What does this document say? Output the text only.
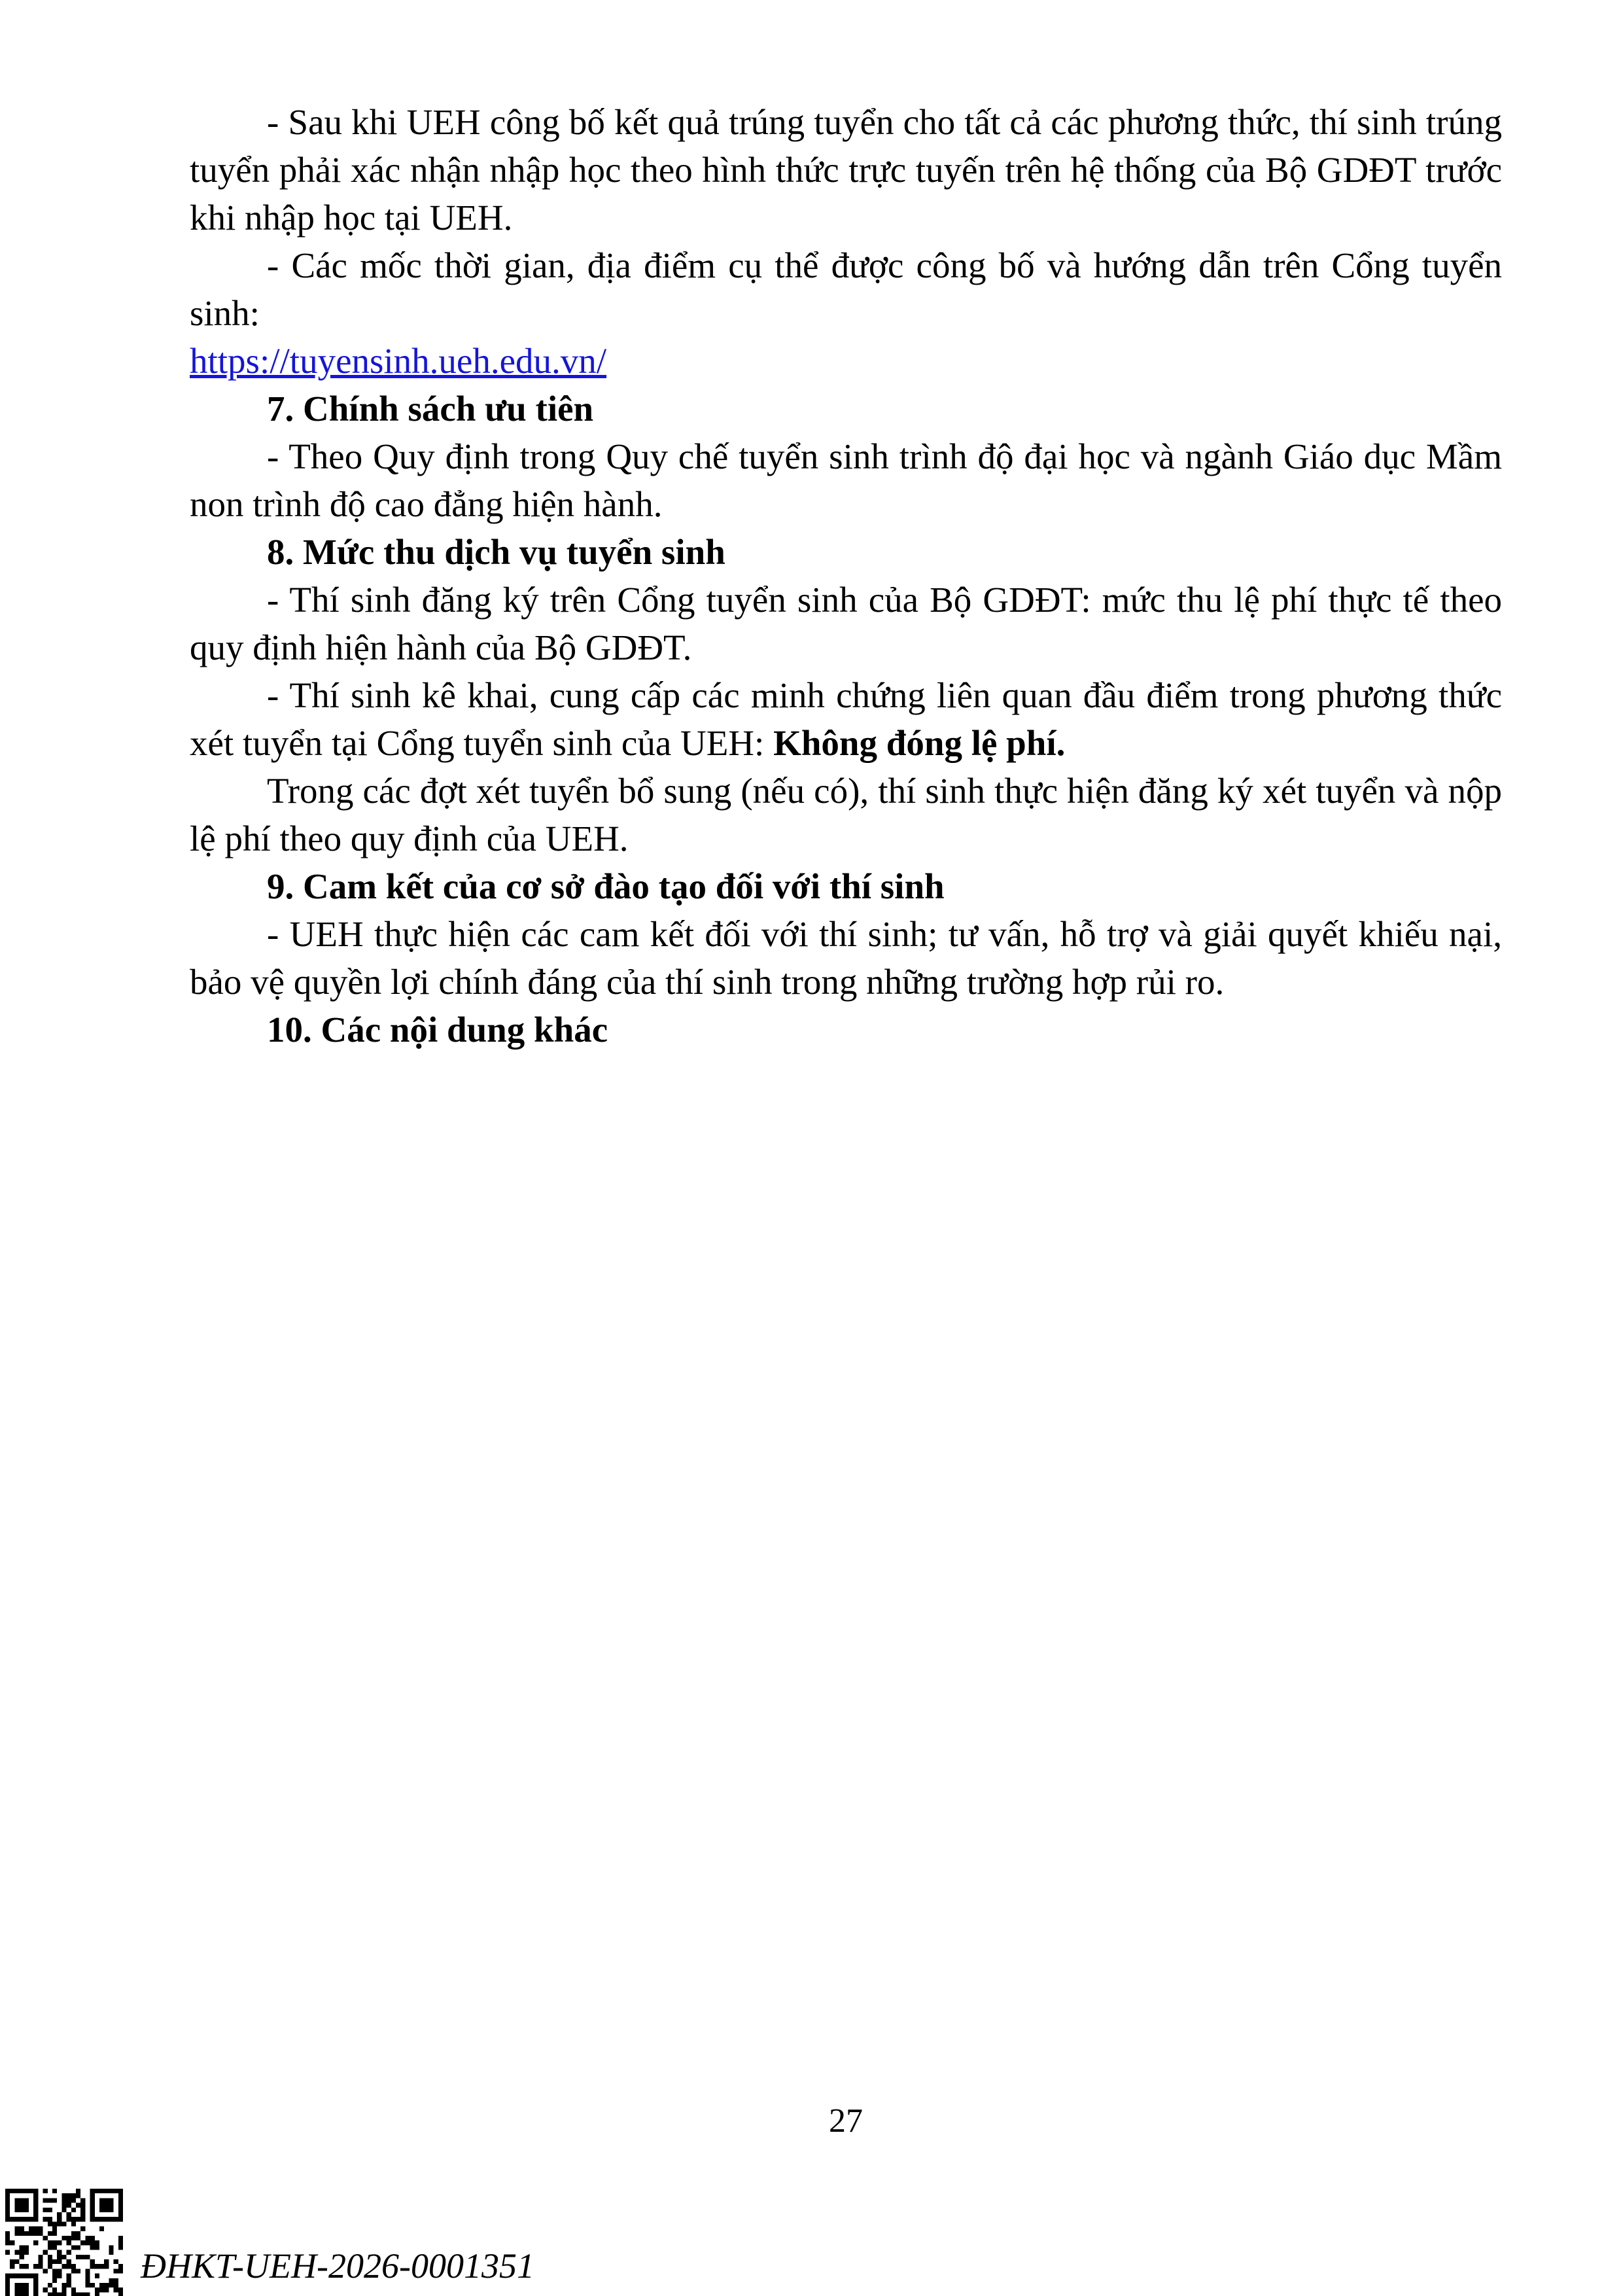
- Sau khi UEH công bố kết quả trúng tuyển cho tất cả các phương thức, thí sinh trúng tuyển phải xác nhận nhập học theo hình thức trực tuyến trên hệ thống của Bộ GDĐT trước khi nhập học tại UEH.

- Các mốc thời gian, địa điểm cụ thể được công bố và hướng dẫn trên Cổng tuyển sinh:

https://tuyensinh.ueh.edu.vn/

7. Chính sách ưu tiên

- Theo Quy định trong Quy chế tuyển sinh trình độ đại học và ngành Giáo dục Mầm non trình độ cao đẳng hiện hành.

8. Mức thu dịch vụ tuyển sinh

- Thí sinh đăng ký trên Cổng tuyển sinh của Bộ GDĐT: mức thu lệ phí thực tế theo quy định hiện hành của Bộ GDĐT.

- Thí sinh kê khai, cung cấp các minh chứng liên quan đầu điểm trong phương thức xét tuyển tại Cổng tuyển sinh của UEH: Không đóng lệ phí.

Trong các đợt xét tuyển bổ sung (nếu có), thí sinh thực hiện đăng ký xét tuyển và nộp lệ phí theo quy định của UEH.

9. Cam kết của cơ sở đào tạo đối với thí sinh

- UEH thực hiện các cam kết đối với thí sinh; tư vấn, hỗ trợ và giải quyết khiếu nại, bảo vệ quyền lợi chính đáng của thí sinh trong những trường hợp rủi ro.

10. Các nội dung khác
27
ĐHKT-UEH-2026-0001351
